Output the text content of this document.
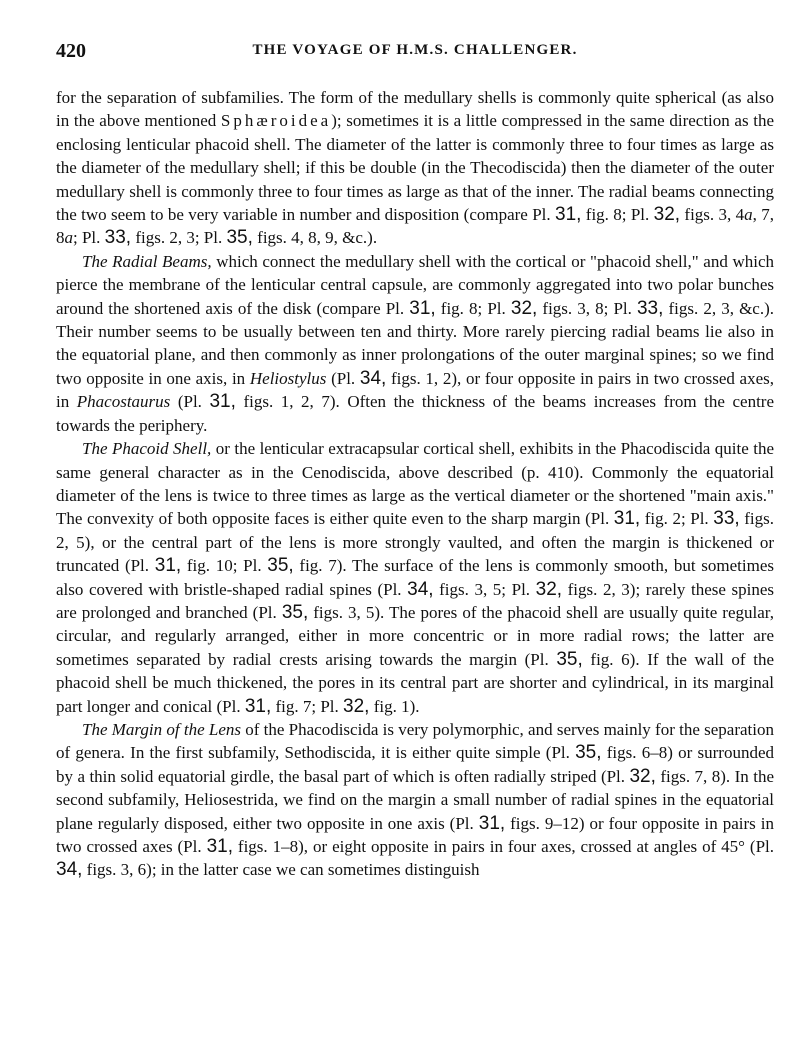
420	THE VOYAGE OF H.M.S. CHALLENGER.

for the separation of subfamilies. The form of the medullary shells is commonly quite spherical (as also in the above mentioned Sphæroidea); sometimes it is a little compressed in the same direction as the enclosing lenticular phacoid shell. The diameter of the latter is commonly three to four times as large as the diameter of the medullary shell; if this be double (in the Thecodiscida) then the diameter of the outer medullary shell is commonly three to four times as large as that of the inner. The radial beams connecting the two seem to be very variable in number and disposition (compare Pl. 31, fig. 8; Pl. 32, figs. 3, 4a, 7, 8a; Pl. 33, figs. 2, 3; Pl. 35, figs. 4, 8, 9, &c.).

The Radial Beams, which connect the medullary shell with the cortical or "phacoid shell," and which pierce the membrane of the lenticular central capsule, are commonly aggregated into two polar bunches around the shortened axis of the disk (compare Pl. 31, fig. 8; Pl. 32, figs. 3, 8; Pl. 33, figs. 2, 3, &c.). Their number seems to be usually between ten and thirty. More rarely piercing radial beams lie also in the equatorial plane, and then commonly as inner prolongations of the outer marginal spines; so we find two opposite in one axis, in Heliostylus (Pl. 34, figs. 1, 2), or four opposite in pairs in two crossed axes, in Phacostaurus (Pl. 31, figs. 1, 2, 7). Often the thickness of the beams increases from the centre towards the periphery.

The Phacoid Shell, or the lenticular extracapsular cortical shell, exhibits in the Phacodiscida quite the same general character as in the Cenodiscida, above described (p. 410). Commonly the equatorial diameter of the lens is twice to three times as large as the vertical diameter or the shortened "main axis." The convexity of both opposite faces is either quite even to the sharp margin (Pl. 31, fig. 2; Pl. 33, figs. 2, 5), or the central part of the lens is more strongly vaulted, and often the margin is thickened or truncated (Pl. 31, fig. 10; Pl. 35, fig. 7). The surface of the lens is commonly smooth, but sometimes also covered with bristle-shaped radial spines (Pl. 34, figs. 3, 5; Pl. 32, figs. 2, 3); rarely these spines are prolonged and branched (Pl. 35, figs. 3, 5). The pores of the phacoid shell are usually quite regular, circular, and regularly arranged, either in more concentric or in more radial rows; the latter are sometimes separated by radial crests arising towards the margin (Pl. 35, fig. 6). If the wall of the phacoid shell be much thickened, the pores in its central part are shorter and cylindrical, in its marginal part longer and conical (Pl. 31, fig. 7; Pl. 32, fig. 1).

The Margin of the Lens of the Phacodiscida is very polymorphic, and serves mainly for the separation of genera. In the first subfamily, Sethodiscida, it is either quite simple (Pl. 35, figs. 6–8) or surrounded by a thin solid equatorial girdle, the basal part of which is often radially striped (Pl. 32, figs. 7, 8). In the second subfamily, Heliosestrida, we find on the margin a small number of radial spines in the equatorial plane regularly disposed, either two opposite in one axis (Pl. 31, figs. 9–12) or four opposite in pairs in two crossed axes (Pl. 31, figs. 1–8), or eight opposite in pairs in four axes, crossed at angles of 45° (Pl. 34, figs. 3, 6); in the latter case we can sometimes distinguish
